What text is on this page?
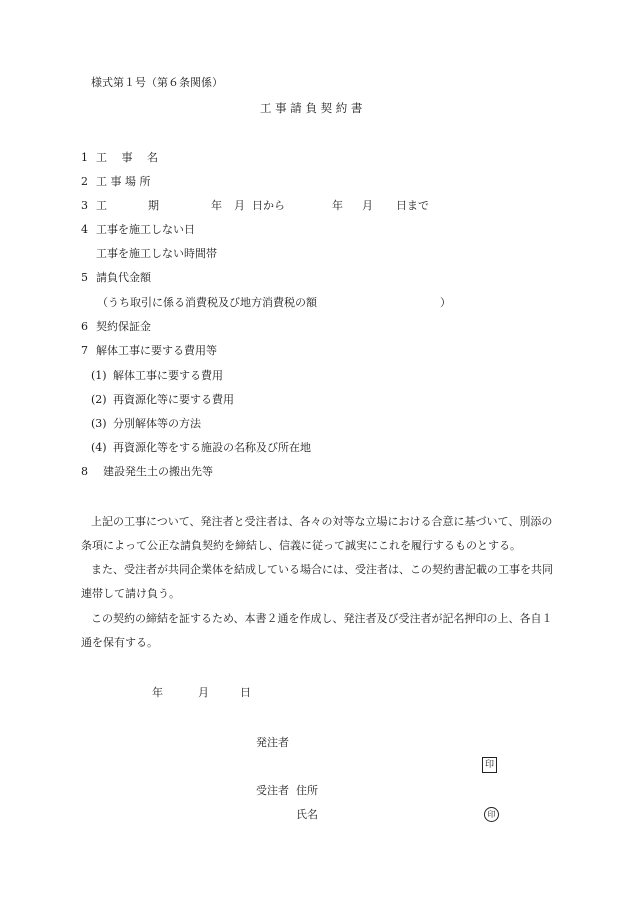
様式第１号（第６条関係）
工 事 請 負 契 約 書
1 工　 事　 名
2 工 事 場 所
3 工	期	年 月 日から	年 月 日まで
4 工事を施工しない日
工事を施工しない時間帯
5 請負代金額
（うち取引に係る消費税及び地方消費税の額	）
6 契約保証金
7 解体工事に要する費用等
(1) 解体工事に要する費用
(2) 再資源化等に要する費用
(3) 分別解体等の方法
(4) 再資源化等をする施設の名称及び所在地
8 建設発生土の搬出先等
上記の工事について、発注者と受注者は、各々の対等な立場における合意に基づいて、別添の
条項によって公正な請負契約を締結し、信義に従って誠実にこれを履行するものとする。
また、受注者が共同企業体を結成している場合には、受注者は、この契約書記載の工事を共同
連帯して請け負う。
この契約の締結を証するため、本書２通を作成し、発注者及び受注者が記名押印の上、各自１
通を保有する。
年	月	日
発注者
印
受注者 住所
氏名	印
